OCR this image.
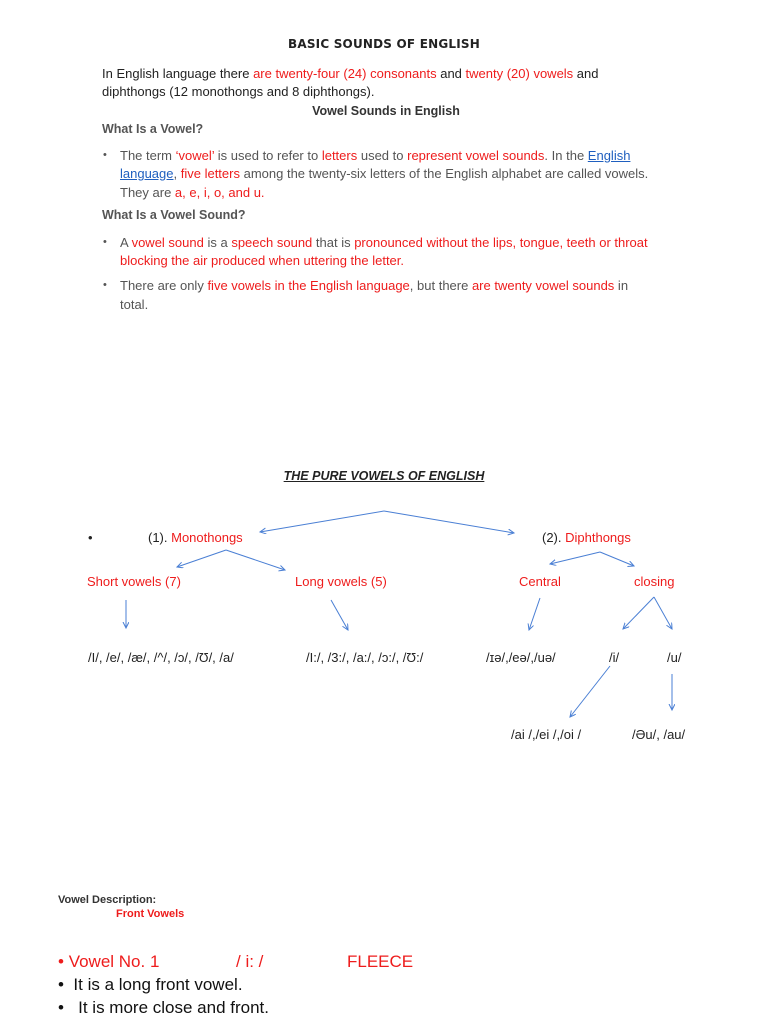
BASIC SOUNDS OF ENGLISH
In English language there are twenty-four (24) consonants and twenty (20) vowels and
diphthongs (12 monothongs and 8 diphthongs).
Vowel Sounds in English
What Is a Vowel?
• The term ‘vowel’ is used to refer to letters used to represent vowel sounds. In the English
language, five letters among the twenty-six letters of the English alphabet are called vowels.
They are a, e, i, o, and u.
What Is a Vowel Sound?
• A vowel sound is a speech sound that is pronounced without the lips, tongue, teeth or throat
blocking the air produced when uttering the letter.
• There are only five vowels in the English language, but there are twenty vowel sounds in
total.
THE PURE VOWELS OF ENGLISH
•	(1). Monothongs	(2). Diphthongs
Short vowels (7)	Long vowels (5)	Central	closing
/I/, /e/, /æ/, /^/, /ɔ/, /Ʊ/, /a/	/I:/, /3:/, /a:/, /ɔ:/, /Ʊ:/	/ɪə/,/eə/,/uə/	/i/	/u/
/ai /,/ei /,/oi /	/Əu/, /au/
Vowel Description:
Front Vowels
• Vowel No. 1	/ i: /	FLEECE
•  It is a long front vowel.
•   It is more close and front.
